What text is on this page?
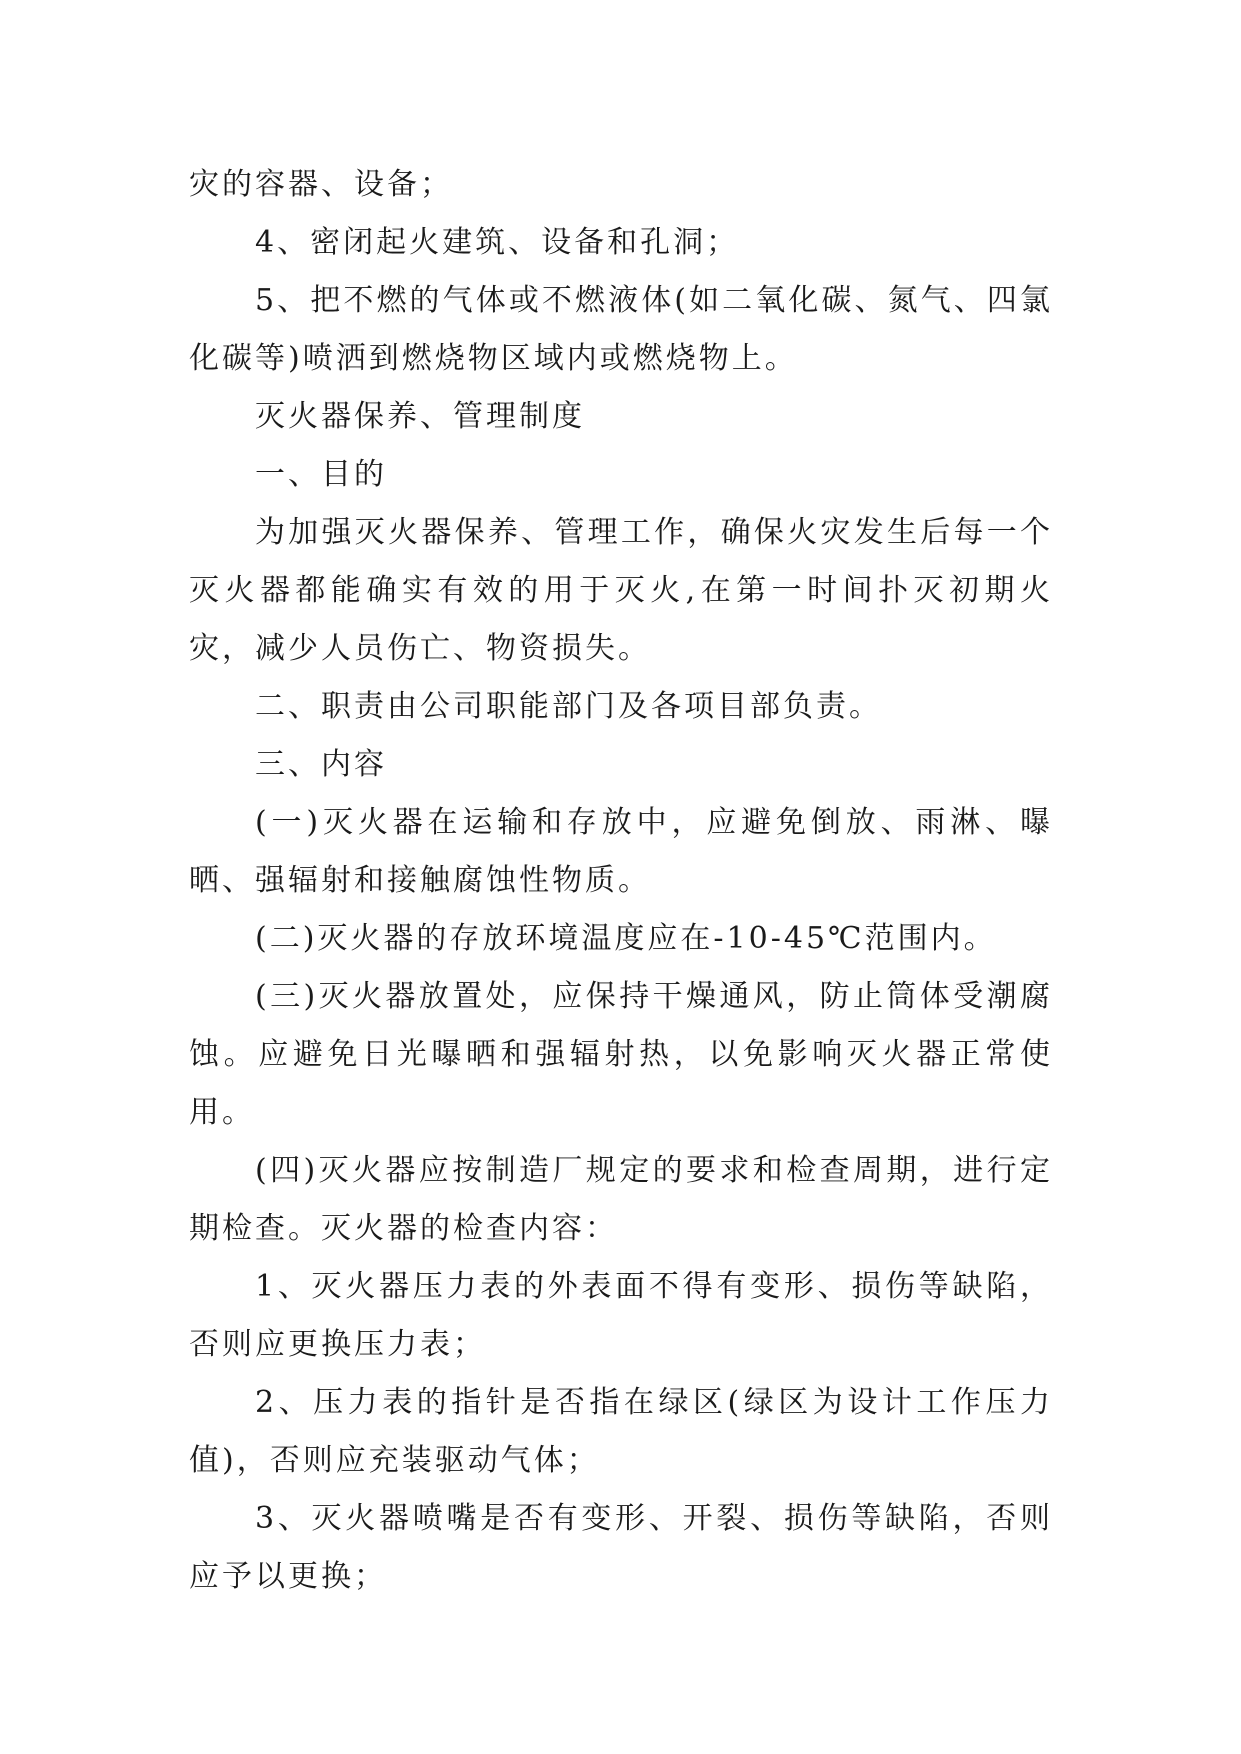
灾的容器、设备；

4、密闭起火建筑、设备和孔洞；

5、把不燃的气体或不燃液体(如二氧化碳、氮气、四氯化碳等)喷洒到燃烧物区域内或燃烧物上。

灭火器保养、管理制度

一、目的

为加强灭火器保养、管理工作，确保火灾发生后每一个灭火器都能确实有效的用于灭火,在第一时间扑灭初期火灾，减少人员伤亡、物资损失。

二、职责由公司职能部门及各项目部负责。

三、内容

(一)灭火器在运输和存放中，应避免倒放、雨淋、曝晒、强辐射和接触腐蚀性物质。

(二)灭火器的存放环境温度应在-10-45℃范围内。

(三)灭火器放置处，应保持干燥通风，防止筒体受潮腐蚀。应避免日光曝晒和强辐射热，以免影响灭火器正常使用。

(四)灭火器应按制造厂规定的要求和检查周期，进行定期检查。灭火器的检查内容：

1、灭火器压力表的外表面不得有变形、损伤等缺陷，否则应更换压力表；

2、压力表的指针是否指在绿区(绿区为设计工作压力值)，否则应充装驱动气体；

3、灭火器喷嘴是否有变形、开裂、损伤等缺陷，否则应予以更换；
